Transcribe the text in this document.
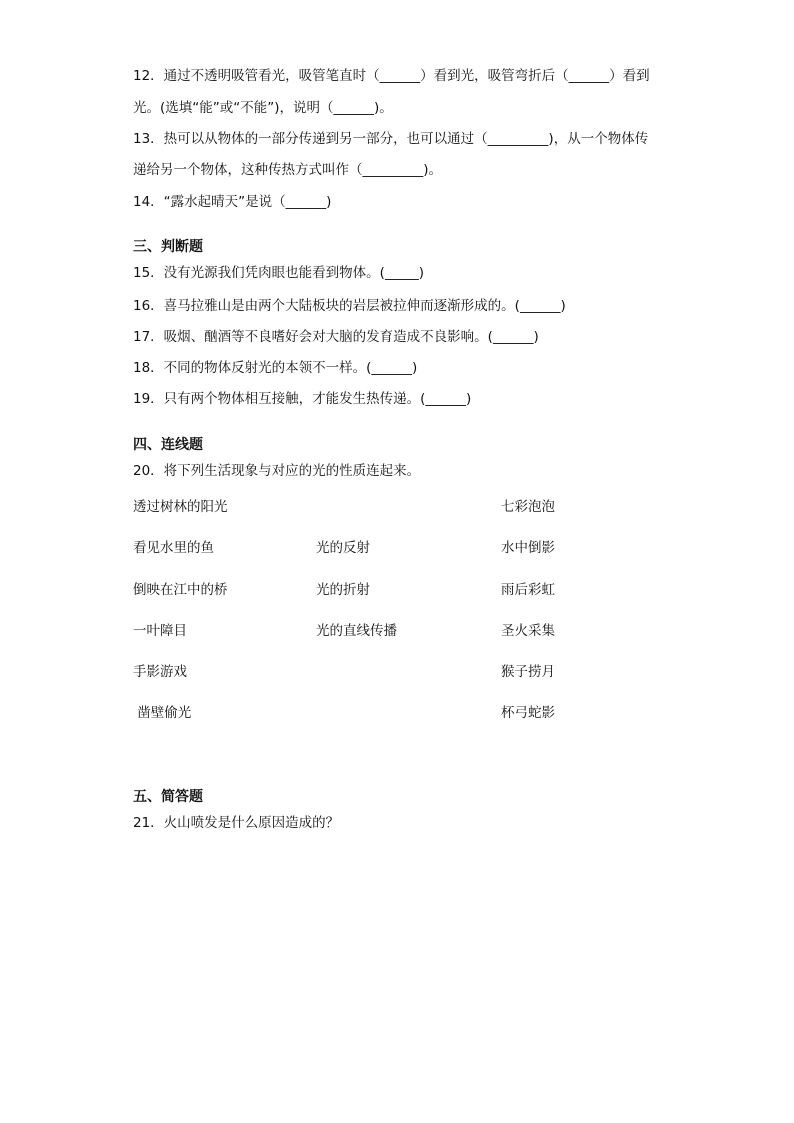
12．通过不透明吸管看光，吸管笔直时（______）看到光，吸管弯折后（______）看到
光。(选填“能”或“不能”)，说明（______)。
13．热可以从物体的一部分传递到另一部分，也可以通过（_________)，从一个物体传
递给另一个物体，这种传热方式叫作（_________)。
14．“露水起晴天”是说（______)
三、判断题
15．没有光源我们凭肉眼也能看到物体。(_____)
16．喜马拉雅山是由两个大陆板块的岩层被拉伸而逐渐形成的。(______)
17．吸烟、酗酒等不良嗜好会对大脑的发育造成不良影响。(______)
18．不同的物体反射光的本领不一样。(______)
19．只有两个物体相互接触，才能发生热传递。(______)
四、连线题
20．将下列生活现象与对应的光的性质连起来。
透过树林的阳光
看见水里的鱼
倒映在江中的桥
一叶障目
手影游戏
凿壁偷光
光的反射
光的折射
光的直线传播
七彩泡泡
水中倒影
雨后彩虹
圣火采集
猴子捞月
杯弓蛇影
五、简答题
21．火山喷发是什么原因造成的？
